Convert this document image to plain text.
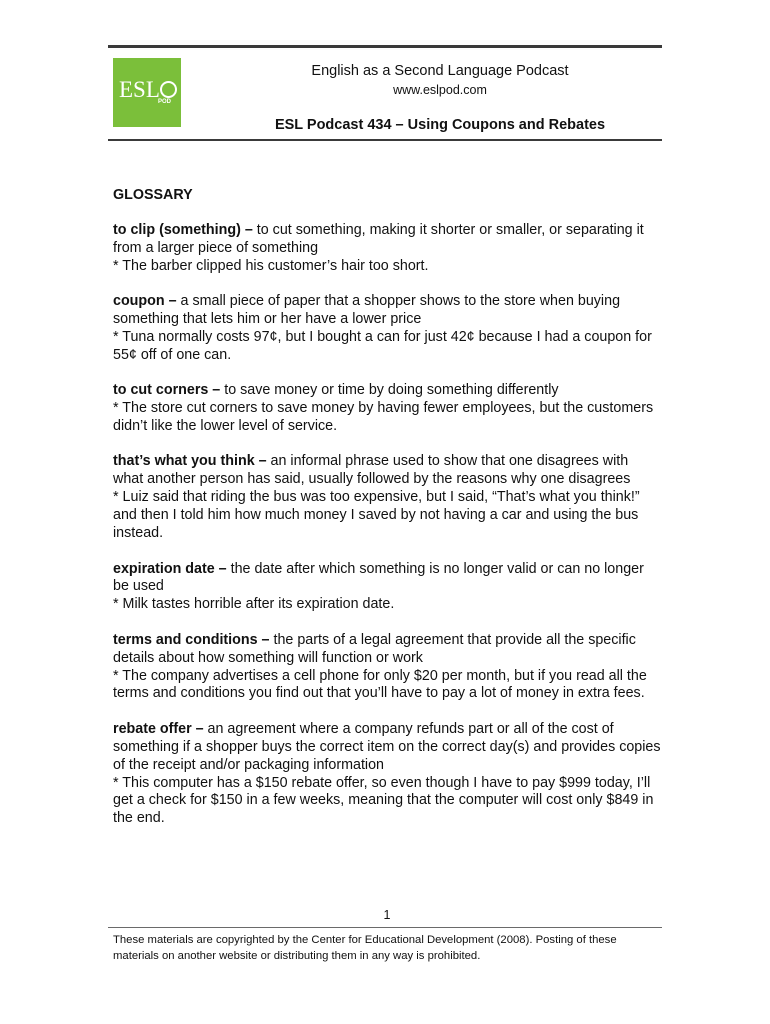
ESL
POD
English as a Second Language Podcast
www.eslpod.com
ESL Podcast 434 – Using Coupons and Rebates
GLOSSARY
to clip (something) – to cut something, making it shorter or smaller, or separating it from a larger piece of something
* The barber clipped his customer’s hair too short.
coupon – a small piece of paper that a shopper shows to the store when buying something that lets him or her have a lower price
* Tuna normally costs 97¢, but I bought a can for just 42¢ because I had a coupon for 55¢ off of one can.
to cut corners – to save money or time by doing something differently
* The store cut corners to save money by having fewer employees, but the customers didn’t like the lower level of service.
that’s what you think – an informal phrase used to show that one disagrees with what another person has said, usually followed by the reasons why one disagrees
* Luiz said that riding the bus was too expensive, but I said, “That’s what you think!” and then I told him how much money I saved by not having a car and using the bus instead.
expiration date – the date after which something is no longer valid or can no longer be used
* Milk tastes horrible after its expiration date.
terms and conditions – the parts of a legal agreement that provide all the specific details about how something will function or work
* The company advertises a cell phone for only $20 per month, but if you read all the terms and conditions you find out that you’ll have to pay a lot of money in extra fees.
rebate offer – an agreement where a company refunds part or all of the cost of something if a shopper buys the correct item on the correct day(s) and provides copies of the receipt and/or packaging information
* This computer has a $150 rebate offer, so even though I have to pay $999 today, I’ll get a check for $150 in a few weeks, meaning that the computer will cost only $849 in the end.
1
These materials are copyrighted by the Center for Educational Development (2008). Posting of these materials on another website or distributing them in any way is prohibited.
